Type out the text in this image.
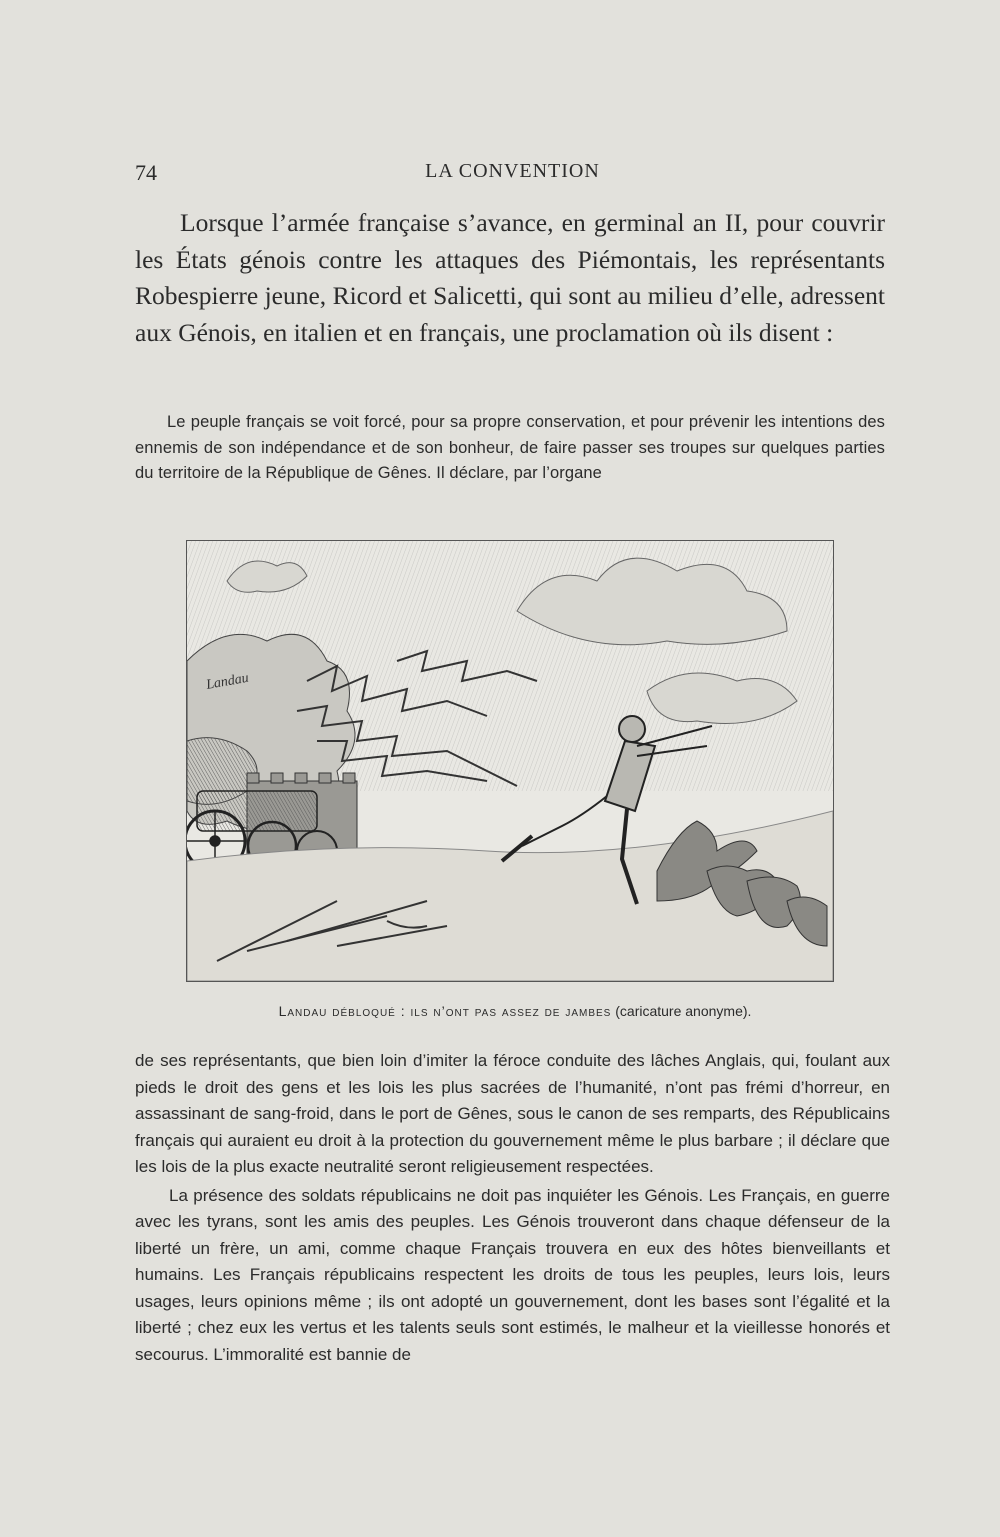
74	LA CONVENTION

Lorsque l’armée française s’avance, en germinal an II, pour couvrir les États génois contre les attaques des Piémontais, les représentants Robespierre jeune, Ricord et Salicetti, qui sont au milieu d’elle, adressent aux Génois, en italien et en français, une proclamation où ils disent :

Le peuple français se voit forcé, pour sa propre conservation, et pour prévenir les intentions des ennemis de son indépendance et de son bonheur, de faire passer ses troupes sur quelques parties du territoire de la République de Gênes. Il déclare, par l’organe

Landau
Landau débloqué : ils n’ont pas assez de jambes (caricature anonyme).

de ses représentants, que bien loin d’imiter la féroce conduite des lâches Anglais, qui, foulant aux pieds le droit des gens et les lois les plus sacrées de l’humanité, n’ont pas frémi d’horreur, en assassinant de sang-froid, dans le port de Gênes, sous le canon de ses remparts, des Républicains français qui auraient eu droit à la protection du gouvernement même le plus barbare ; il déclare que les lois de la plus exacte neutralité seront religieusement respectées.

La présence des soldats républicains ne doit pas inquiéter les Génois. Les Français, en guerre avec les tyrans, sont les amis des peuples. Les Génois trouveront dans chaque défenseur de la liberté un frère, un ami, comme chaque Français trouvera en eux des hôtes bienveillants et humains. Les Français républicains respectent les droits de tous les peuples, leurs lois, leurs usages, leurs opinions même ; ils ont adopté un gouvernement, dont les bases sont l’égalité et la liberté ; chez eux les vertus et les talents seuls sont estimés, le malheur et la vieillesse honorés et secourus. L’immoralité est bannie de
